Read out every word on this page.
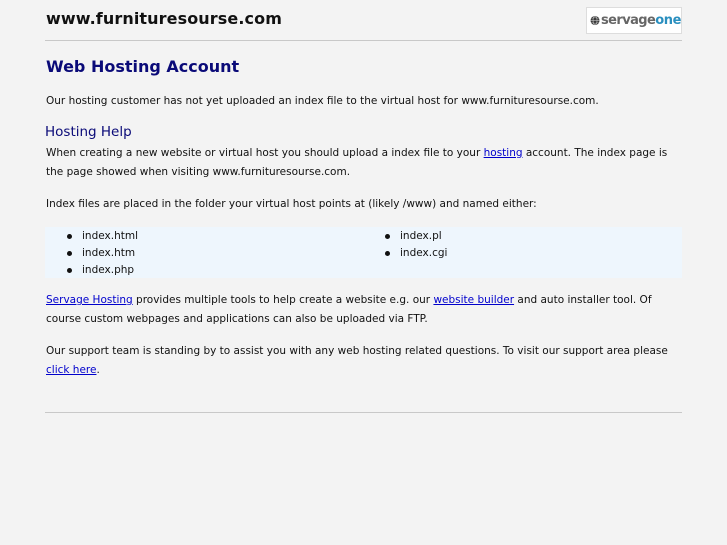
www.furnituresourse.com	servage one
Web Hosting Account

Our hosting customer has not yet uploaded an index file to the virtual host for www.furnituresourse.com.

Hosting Help

When creating a new website or virtual host you should upload a index file to your hosting account. The index page is the page showed when visiting www.furnituresourse.com.

Index files are placed in the folder your virtual host points at (likely /www) and named either:

index.html
index.htm
index.php
index.pl
index.cgi

Servage Hosting provides multiple tools to help create a website e.g. our website builder and auto installer tool. Of course custom webpages and applications can also be uploaded via FTP.

Our support team is standing by to assist you with any web hosting related questions. To visit our support area please click here.
